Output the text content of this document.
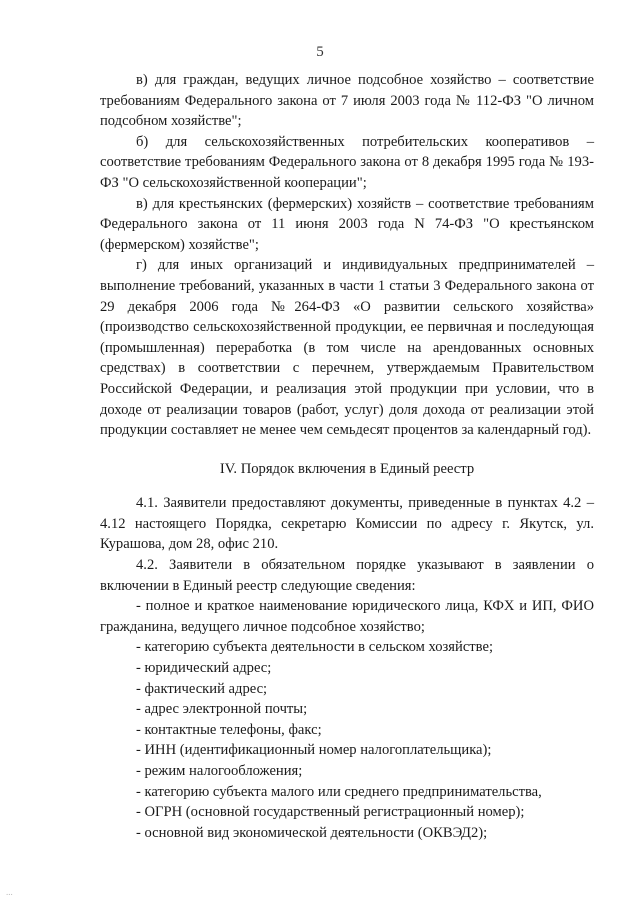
5

в) для граждан, ведущих личное подсобное хозяйство – соответствие требованиям Федерального закона от 7 июля 2003 года № 112-ФЗ "О личном подсобном хозяйстве";

б) для сельскохозяйственных потребительских кооперативов – соответствие требованиям Федерального закона от 8 декабря 1995 года № 193-ФЗ "О сельскохозяйственной кооперации";

в) для крестьянских (фермерских) хозяйств – соответствие требованиям Федерального закона от 11 июня 2003 года N 74-ФЗ "О крестьянском (фермерском) хозяйстве";

г) для иных организаций и индивидуальных предпринимателей – выполнение требований, указанных в части 1 статьи 3 Федерального закона от 29 декабря 2006 года №264-ФЗ «О развитии сельского хозяйства» (производство сельскохозяйственной продукции, ее первичная и последующая (промышленная) переработка (в том числе на арендованных основных средствах) в соответствии с перечнем, утверждаемым Правительством Российской Федерации, и реализация этой продукции при условии, что в доходе от реализации товаров (работ, услуг) доля дохода от реализации этой продукции составляет не менее чем семьдесят процентов за календарный год).

IV. Порядок включения в Единый реестр

4.1. Заявители предоставляют документы, приведенные в пунктах 4.2 – 4.12 настоящего Порядка, секретарю Комиссии по адресу г. Якутск, ул. Курашова, дом 28, офис 210.

4.2. Заявители в обязательном порядке указывают в заявлении о включении в Единый реестр следующие сведения:

- полное и краткое наименование юридического лица, КФХ и ИП, ФИО гражданина, ведущего личное подсобное хозяйство;

- категорию субъекта деятельности в сельском хозяйстве;

- юридический адрес;

- фактический адрес;

- адрес электронной почты;

- контактные телефоны, факс;

- ИНН (идентификационный номер налогоплательщика);

- режим налогообложения;

- категорию субъекта малого или среднего предпринимательства,

- ОГРН (основной государственный регистрационный номер);

- основной вид экономической деятельности (ОКВЭД2);

...
